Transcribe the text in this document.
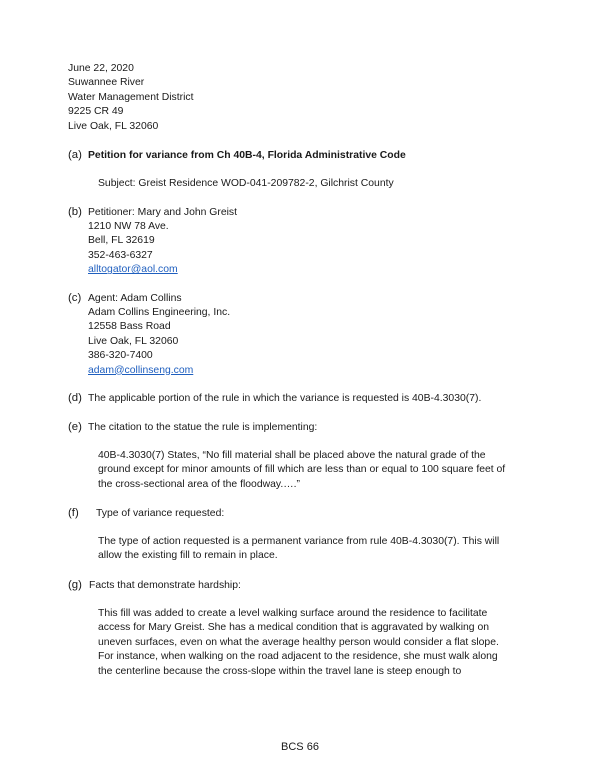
June 22, 2020
Suwannee River
Water Management District
9225 CR 49
Live Oak, FL 32060
(a) Petition for variance from Ch 40B-4, Florida Administrative Code
Subject: Greist Residence WOD-041-209782-2, Gilchrist County
(b) Petitioner: Mary and John Greist
1210 NW 78 Ave.
Bell, FL 32619
352-463-6327
alltogator@aol.com
(c) Agent: Adam Collins
Adam Collins Engineering, Inc.
12558 Bass Road
Live Oak, FL 32060
386-320-7400
adam@collinseng.com
(d) The applicable portion of the rule in which the variance is requested is 40B-4.3030(7).
(e) The citation to the statue the rule is implementing:
40B-4.3030(7) States, “No fill material shall be placed above the natural grade of the
ground except for minor amounts of fill which are less than or equal to 100 square feet of
the cross-sectional area of the floodway.….”
(f) Type of variance requested:
The type of action requested is a permanent variance from rule 40B-4.3030(7). This will
allow the existing fill to remain in place.
(g) Facts that demonstrate hardship:
This fill was added to create a level walking surface around the residence to facilitate
access for Mary Greist. She has a medical condition that is aggravated by walking on
uneven surfaces, even on what the average healthy person would consider a flat slope.
For instance, when walking on the road adjacent to the residence, she must walk along
the centerline because the cross-slope within the travel lane is steep enough to
BCS 66
